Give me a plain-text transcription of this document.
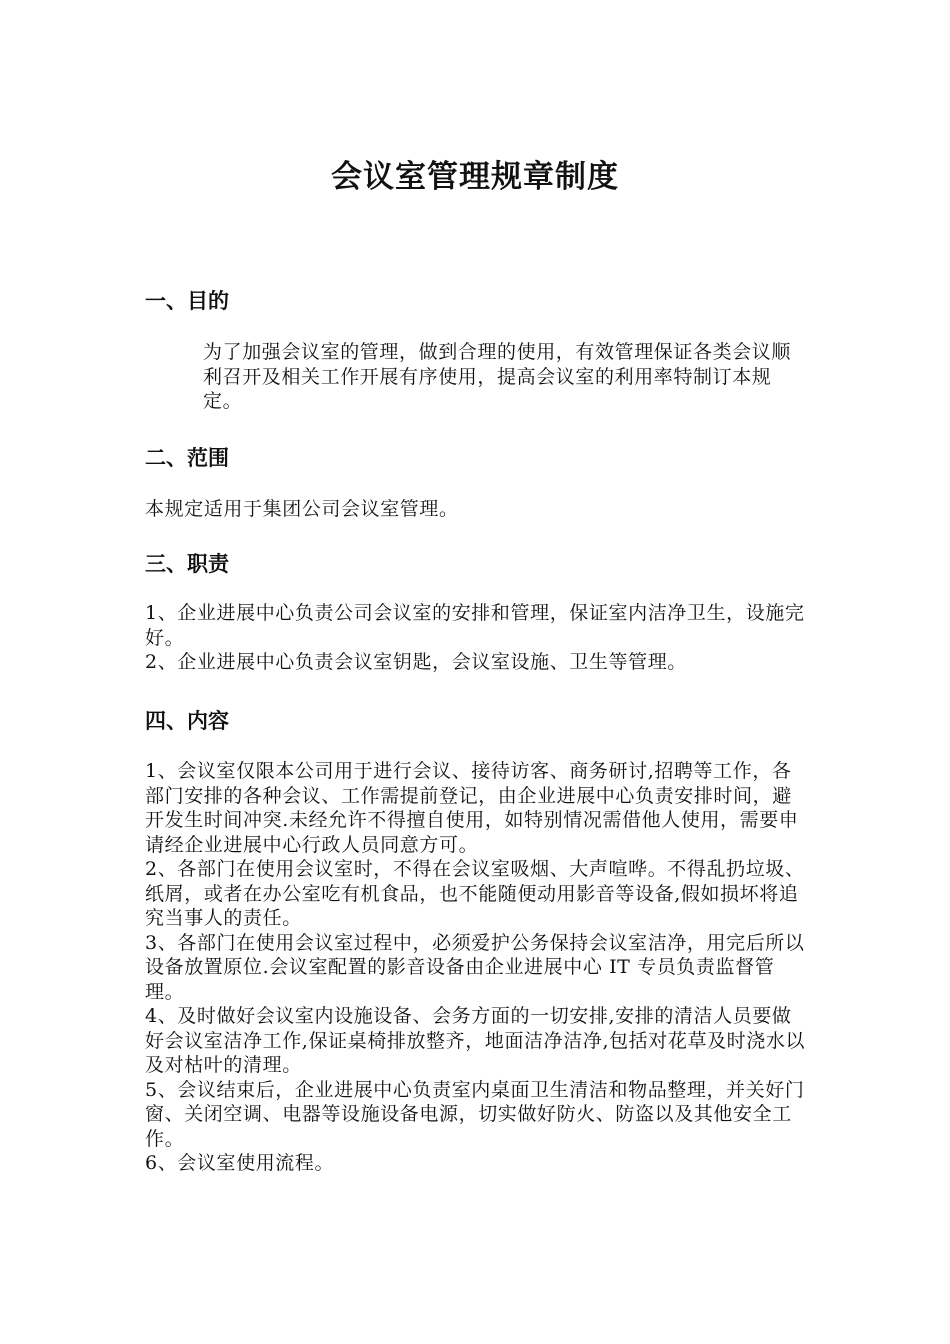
会议室管理规章制度
一、目的

为了加强会议室的管理，做到合理的使用，有效管理保证各类会议顺利召开及相关工作开展有序使用，提高会议室的利用率特制订本规定。

二、范围

本规定适用于集团公司会议室管理。

三、职责

1、企业进展中心负责公司会议室的安排和管理，保证室内洁净卫生，设施完好。

2、企业进展中心负责会议室钥匙，会议室设施、卫生等管理。

四、内容

1、会议室仅限本公司用于进行会议、接待访客、商务研讨,招聘等工作，各部门安排的各种会议、工作需提前登记，由企业进展中心负责安排时间，避开发生时间冲突.未经允许不得擅自使用，如特别情况需借他人使用，需要申请经企业进展中心行政人员同意方可。

2、各部门在使用会议室时，不得在会议室吸烟、大声喧哗。不得乱扔垃圾、纸屑，或者在办公室吃有机食品，也不能随便动用影音等设备,假如损坏将追究当事人的责任。

3、各部门在使用会议室过程中，必须爱护公务保持会议室洁净，用完后所以设备放置原位.会议室配置的影音设备由企业进展中心 IT 专员负责监督管理。

4、及时做好会议室内设施设备、会务方面的一切安排,安排的清洁人员要做好会议室洁净工作,保证桌椅排放整齐，地面洁净洁净,包括对花草及时浇水以及对枯叶的清理。

5、会议结束后，企业进展中心负责室内桌面卫生清洁和物品整理，并关好门窗、关闭空调、电器等设施设备电源，切实做好防火、防盗以及其他安全工作。

6、会议室使用流程。
